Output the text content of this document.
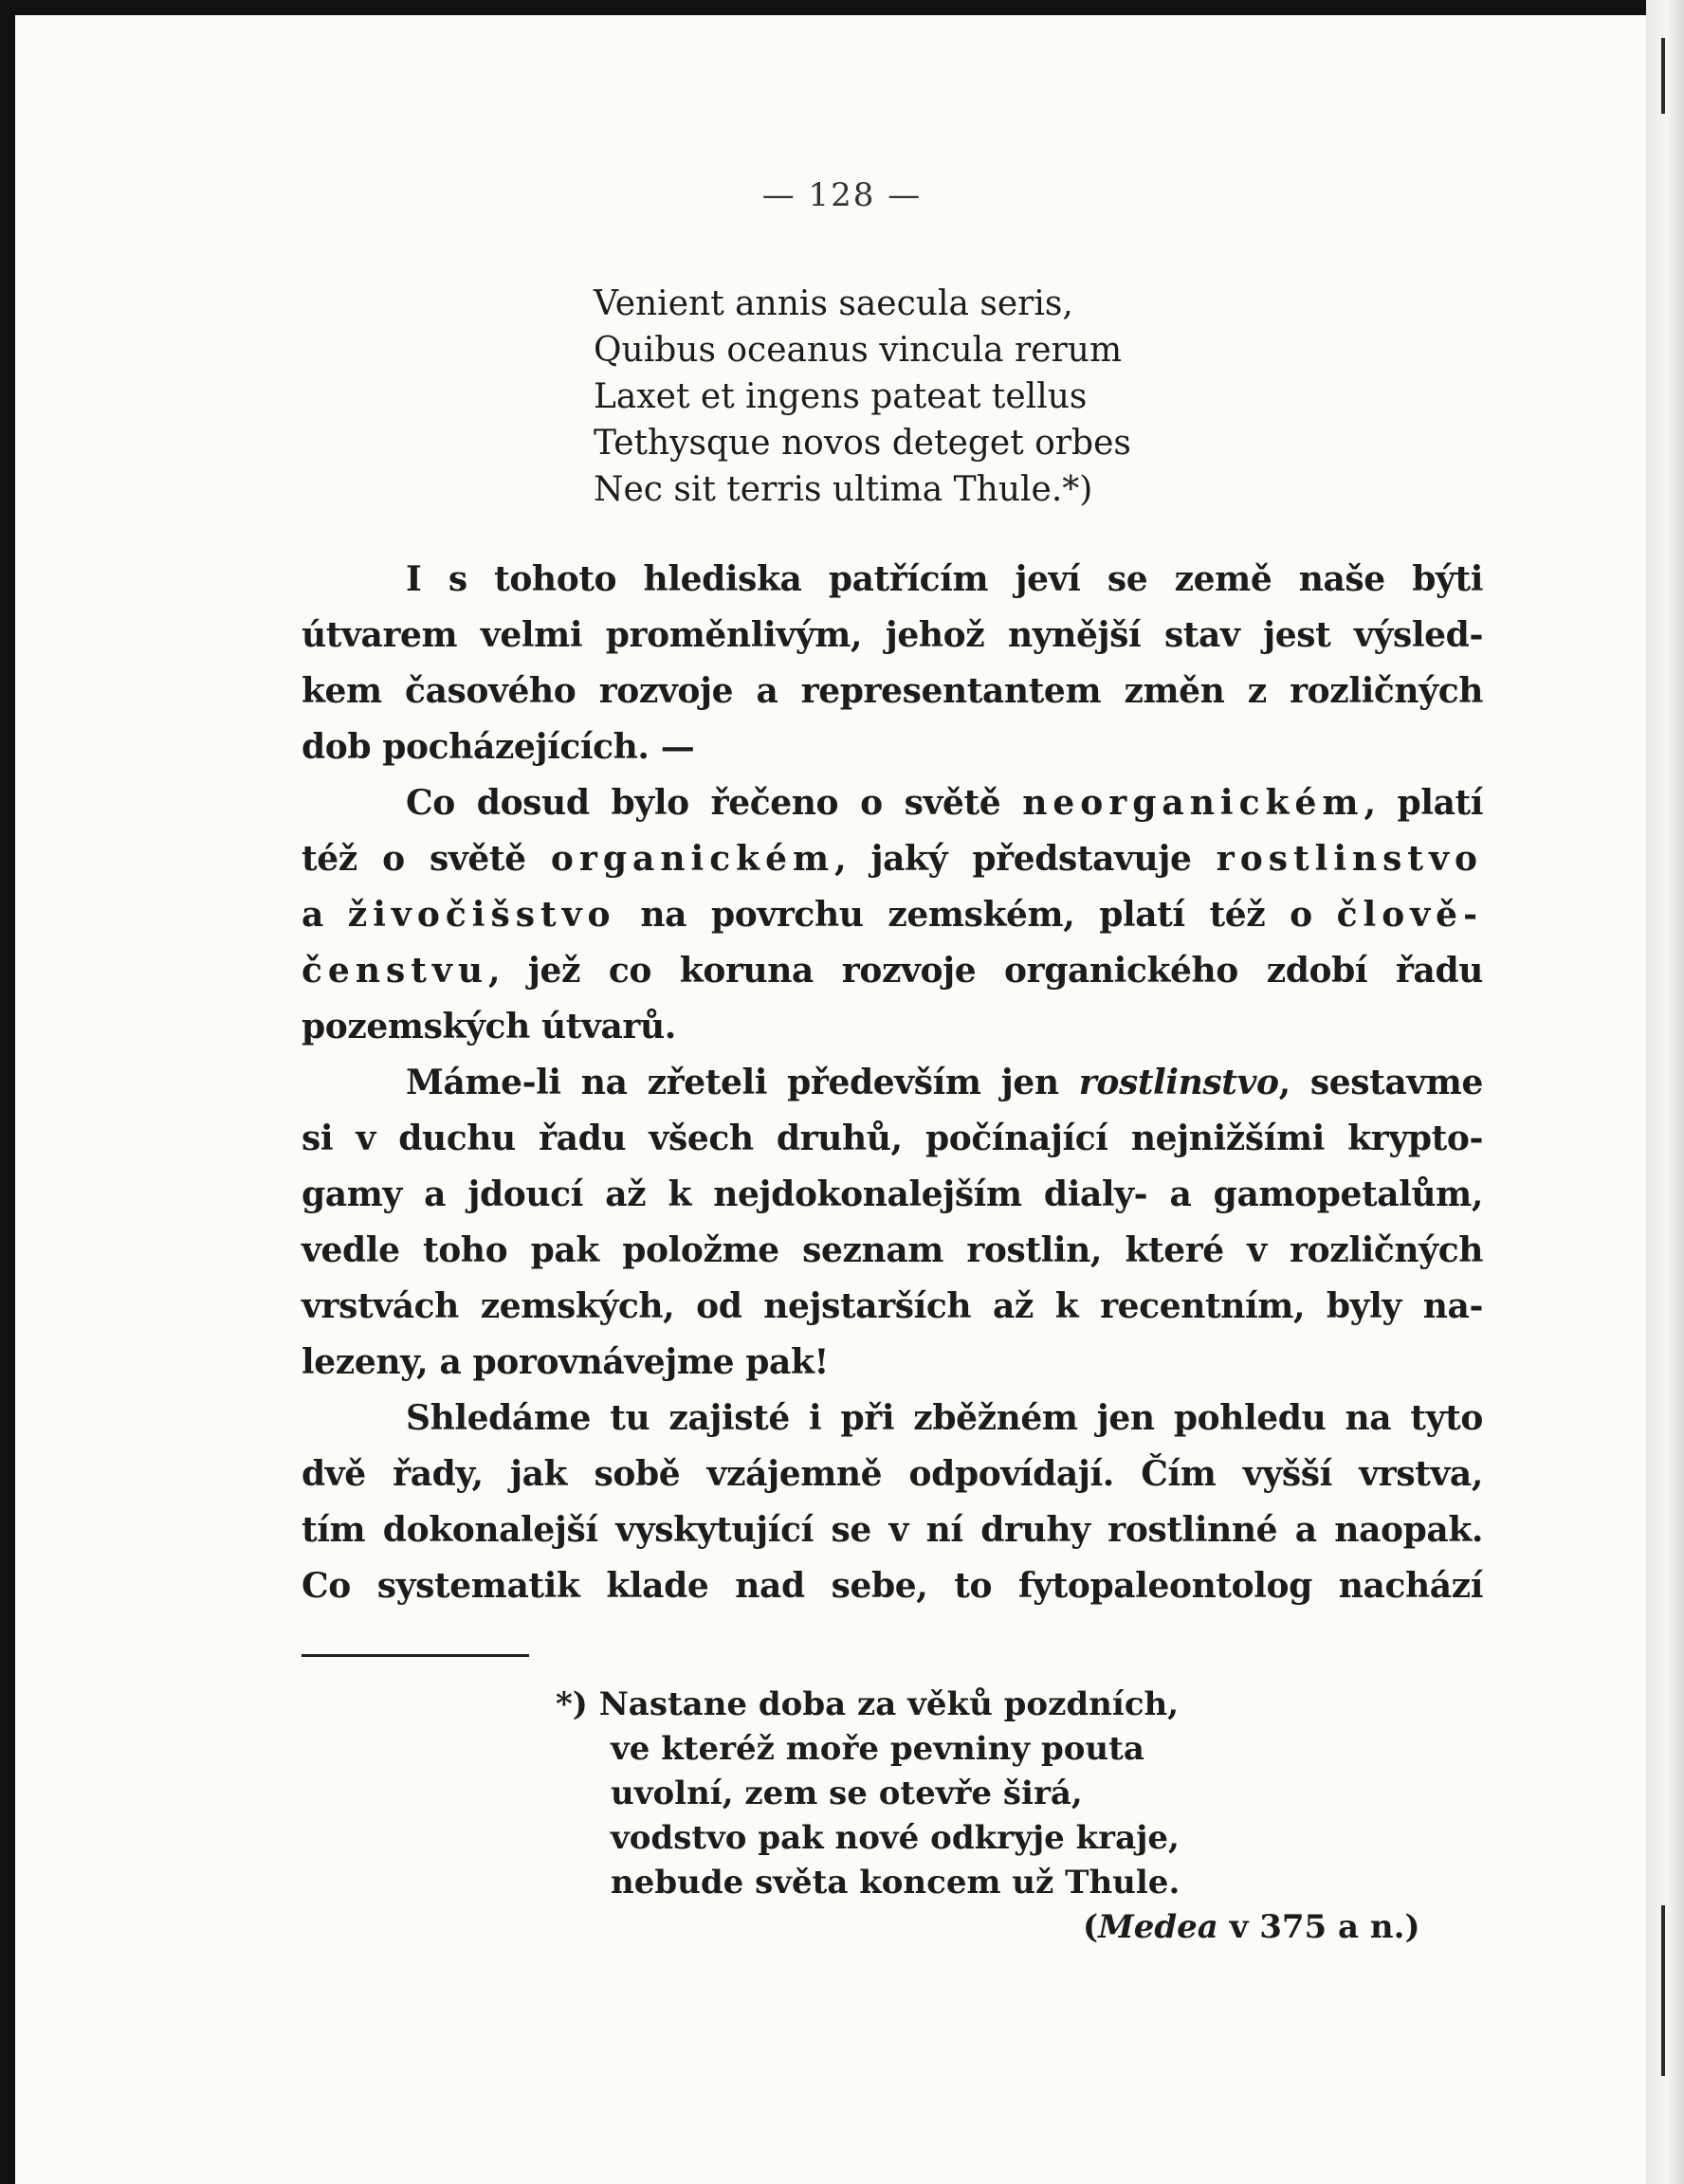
— 128 —
Venient annis saecula seris,
Quibus oceanus vincula rerum
Laxet et ingens pateat tellus
Tethysque novos deteget orbes
Nec sit terris ultima Thule.*)
I s tohoto hlediska patřícím jeví se země naše býti
útvarem velmi proměnlivým, jehož nynější stav jest výsled-
kem časového rozvoje a representantem změn z rozličných
dob pocházejících. —
Co dosud bylo řečeno o světě neorganickém, platí
též o světě organickém, jaký představuje rostlinstvo
a živočišstvo na povrchu zemském, platí též o člově-
čenstvu, jež co koruna rozvoje organického zdobí řadu
pozemských útvarů.
Máme-li na zřeteli především jen rostlinstvo, sestavme
si v duchu řadu všech druhů, počínající nejnižšími krypto-
gamy a jdoucí až k nejdokonalejším dialy- a gamopetalům,
vedle toho pak položme seznam rostlin, které v rozličných
vrstvách zemských, od nejstarších až k recentním, byly na-
lezeny, a porovnávejme pak!
Shledáme tu zajisté i při zběžném jen pohledu na tyto
dvě řady, jak sobě vzájemně odpovídají. Čím vyšší vrstva,
tím dokonalejší vyskytující se v ní druhy rostlinné a naopak.
Co systematik klade nad sebe, to fytopaleontolog nachází
*) Nastane doba za věků pozdních,
ve kteréž moře pevniny pouta
uvolní, zem se otevře širá,
vodstvo pak nové odkryje kraje,
nebude světa koncem už Thule.
(Medea v 375 a n.)
